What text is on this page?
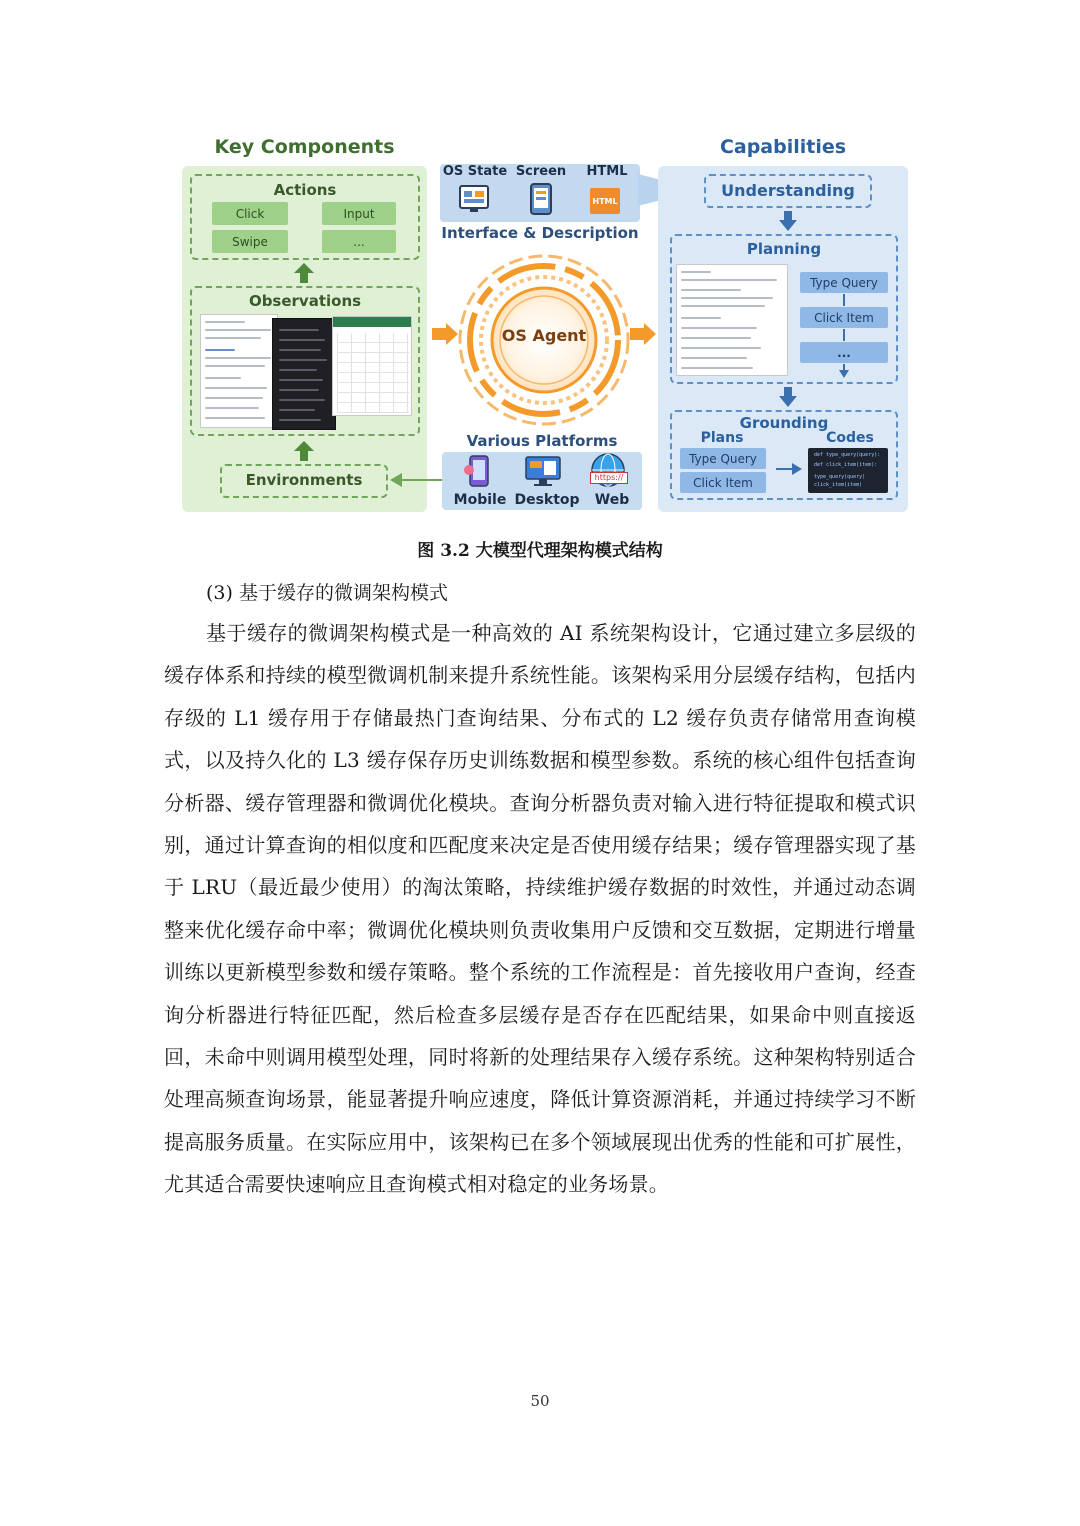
Key Components	Capabilities
Actions
Click	Input
Swipe	...
Observations
Environments
OS State Screen	HTML
HTML
Interface & Description
OS Agent
Various Platforms
https://
Mobile Desktop	Web
Understanding
Planning
Type Query
Click Item
...
Grounding
Plans	Codes
Type Query
Click Item
def type_query(query):
def click_item(item):
type_query(query)
click_item(item)
图 3.2 大模型代理架构模式结构
(3) 基于缓存的微调架构模式
基于缓存的微调架构模式是一种高效的 AI 系统架构设计，它通过建立多层级的缓存体系和持续的模型微调机制来提升系统性能。该架构采用分层缓存结构，包括内存级的 L1 缓存用于存储最热门查询结果、分布式的 L2 缓存负责存储常用查询模式，以及持久化的 L3 缓存保存历史训练数据和模型参数。系统的核心组件包括查询分析器、缓存管理器和微调优化模块。查询分析器负责对输入进行特征提取和模式识别，通过计算查询的相似度和匹配度来决定是否使用缓存结果；缓存管理器实现了基于 LRU（最近最少使用）的淘汰策略，持续维护缓存数据的时效性，并通过动态调整来优化缓存命中率；微调优化模块则负责收集用户反馈和交互数据，定期进行增量训练以更新模型参数和缓存策略。整个系统的工作流程是：首先接收用户查询，经查询分析器进行特征匹配，然后检查多层缓存是否存在匹配结果，如果命中则直接返回，未命中则调用模型处理，同时将新的处理结果存入缓存系统。这种架构特别适合处理高频查询场景，能显著提升响应速度，降低计算资源消耗，并通过持续学习不断提高服务质量。在实际应用中，该架构已在多个领域展现出优秀的性能和可扩展性，尤其适合需要快速响应且查询模式相对稳定的业务场景。
50
